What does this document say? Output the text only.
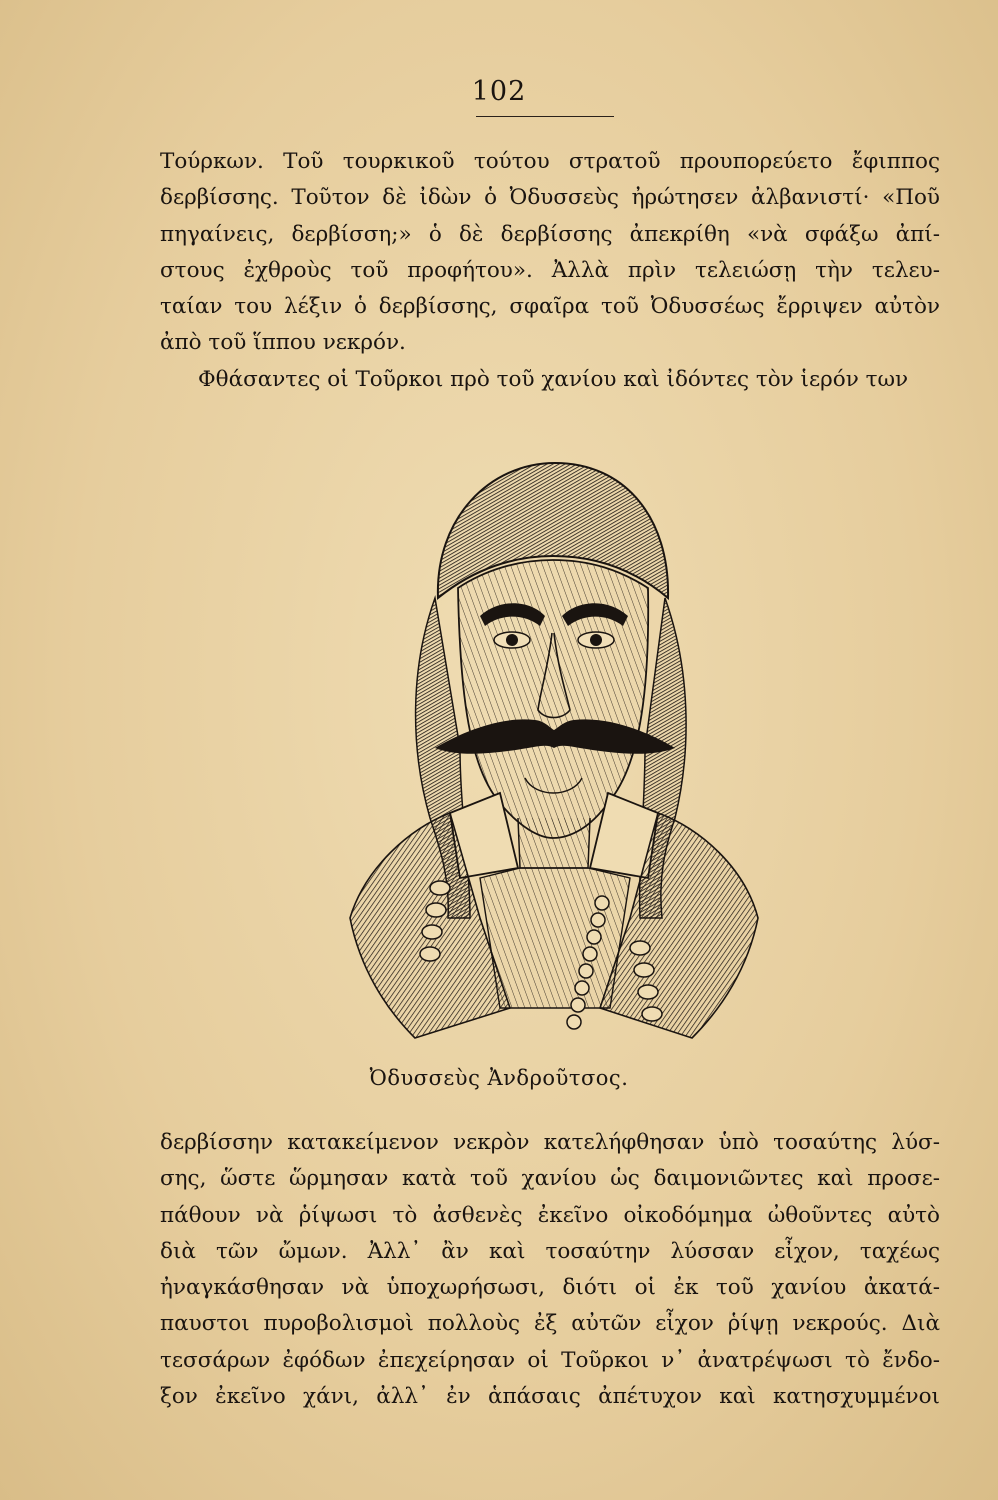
102
Τούρκων. Τοῦ τουρκικοῦ τούτου στρατοῦ προυπορεύετο ἔφιππος
δερβίσσης. Τοῦτον δὲ ἰδὼν ὁ Ὀδυσσεὺς ἠρώτησεν ἀλβανιστί· «Ποῦ
πηγαίνεις, δερβίσση;» ὁ δὲ δερβίσσης ἀπεκρίθη «νὰ σφάξω ἀπί-
στους ἐχθροὺς τοῦ προφήτου». Ἀλλὰ πρὶν τελειώσῃ τὴν τελευ-
ταίαν του λέξιν ὁ δερβίσσης, σφαῖρα τοῦ Ὀδυσσέως ἔρριψεν αὐτὸν
ἀπὸ τοῦ ἵππου νεκρόν.
Φθάσαντες οἱ Τοῦρκοι πρὸ τοῦ χανίου καὶ ἰδόντες τὸν ἱερόν των
Ὀδυσσεὺς Ἀνδροῦτσος.
δερβίσσην κατακείμενον νεκρὸν κατελήφθησαν ὑπὸ τοσαύτης λύσ-
σης, ὥστε ὥρμησαν κατὰ τοῦ χανίου ὡς δαιμονιῶντες καὶ προσε-
πάθουν νὰ ῥίψωσι τὸ ἀσθενὲς ἐκεῖνο οἰκοδόμημα ὠθοῦντες αὐτὸ
διὰ τῶν ὤμων. Ἀλλ᾽ ἂν καὶ τοσαύτην λύσσαν εἶχον, ταχέως
ἠναγκάσθησαν νὰ ὑποχωρήσωσι, διότι οἱ ἐκ τοῦ χανίου ἀκατά-
παυστοι πυροβολισμοὶ πολλοὺς ἐξ αὐτῶν εἶχον ῥίψῃ νεκρούς. Διὰ
τεσσάρων ἐφόδων ἐπεχείρησαν οἱ Τοῦρκοι ν᾽ ἀνατρέψωσι τὸ ἔνδο-
ξον ἐκεῖνο χάνι, ἀλλ᾽ ἐν ἁπάσαις ἀπέτυχον καὶ κατησχυμμένοι
